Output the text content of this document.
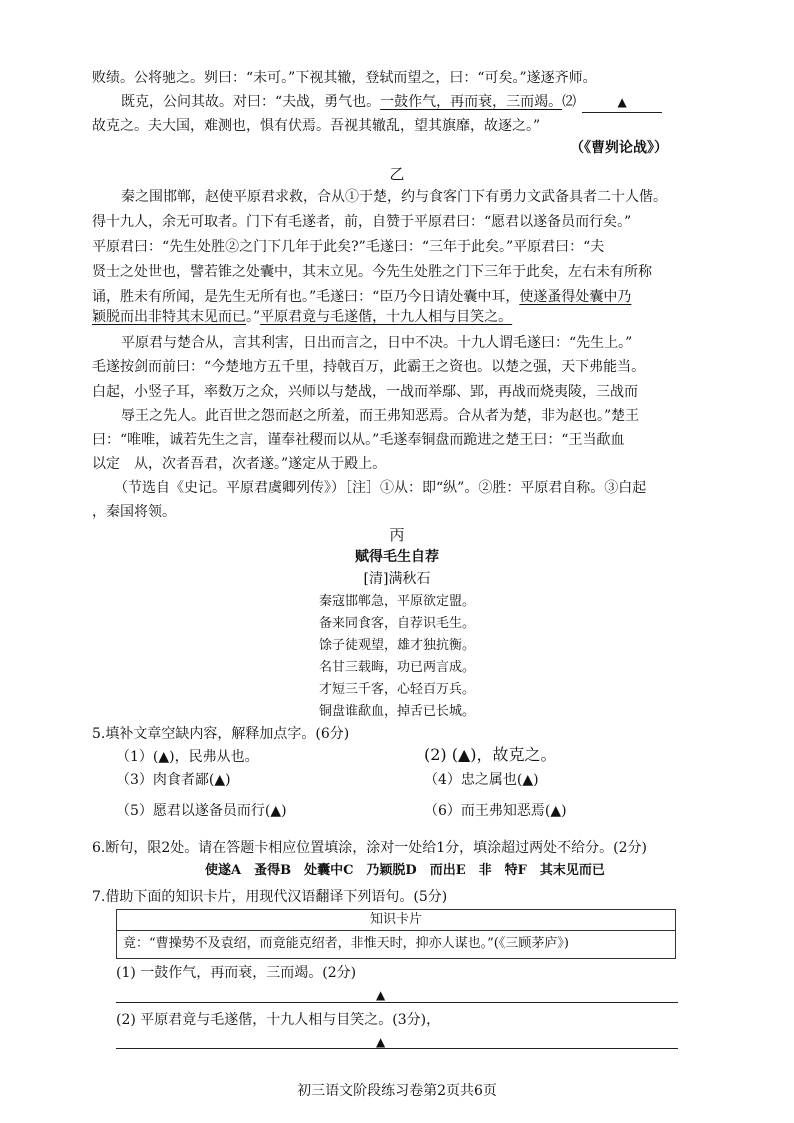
败绩。公将驰之。刿曰：“未可。”下视其辙，登轼而望之，曰：“可矣。”遂逐齐师。
既克，公问其故。对曰：“夫战，勇气也。一鼓作气，再而衰，三而竭。⑵	▲
故克之。夫大国，难测也，惧有伏焉。吾视其辙乱，望其旗靡，故逐之。”
（《曹刿论战》）
乙
秦之围邯郸，赵使平原君求救，合从①于楚，约与食客门下有勇力文武备具者二十人偕。
得十九人，余无可取者。门下有毛遂者，前，自赞于平原君曰：“愿君以遂备员而行矣。”
平原君曰：“先生处胜②之门下几年于此矣?”毛遂曰：“三年于此矣。”平原君曰：“夫
贤士之处世也，譬若锥之处囊中，其末立见。今先生处胜之门下三年于此矣，左右未有所称
诵，胜未有所闻，是先生无所有也。”毛遂曰：“臣乃今日请处囊中耳，使遂蚤得处囊中乃
颖脱而出非特其末见而已。”平原君竟与毛遂偕，十九人相与目笑之。
平原君与楚合从，言其利害，日出而言之，日中不决。十九人谓毛遂曰：“先生上。”
毛遂按剑而前曰：“今楚地方五千里，持戟百万，此霸王之资也。以楚之强，天下弗能当。
白起，小竖子耳，率数万之众，兴师以与楚战，一战而举鄢、郢，再战而烧夷陵，三战而
辱王之先人。此百世之怨而赵之所羞，而王弗知恶焉。合从者为楚，非为赵也。”楚王
曰：“唯唯，诚若先生之言，谨奉社稷而以从。”毛遂奉铜盘而跪进之楚王曰：“王当歃血
以定　从，次者吾君，次者遂。”遂定从于殿上。
（节选自《史记。平原君虞卿列传》）［注］①从：即“纵”。②胜：平原君自称。③白起
，秦国将领。
丙
赋得毛生自荐
[清]满秋石
秦寇邯郸急，平原欲定盟。
备来同食客，自荐识毛生。
馀子徒观望，雄才独抗衡。
名甘三载晦，功已两言成。
才短三千客，心轻百万兵。
铜盘谁歃血，掉舌已长城。
5.填补文章空缺内容，解释加点字。(6分)
（1）(▲)，民弗从也。	(2) (▲)，故克之。
（3）肉食者鄙(▲)	（4）忠之属也(▲)
（5）愿君以遂备员而行(▲)	（6）而王弗知恶焉(▲)
6.断句，限2处。请在答题卡相应位置填涂，涂对一处给1分，填涂超过两处不给分。(2分)
使遂A　蚤得B　处囊中C　乃颖脱D　而出E　非　特F　其末见而已
7.借助下面的知识卡片，用现代汉语翻译下列语句。(5分)
知识卡片
竟：“曹操势不及袁绍，而竟能克绍者，非惟天时，抑亦人谋也。”(《三顾茅庐》)
(1) 一鼓作气，再而衰，三而竭。(2分)
▲
(2) 平原君竟与毛遂偕，十九人相与目笑之。(3分)，
▲
初三语文阶段练习卷第2页共6页
